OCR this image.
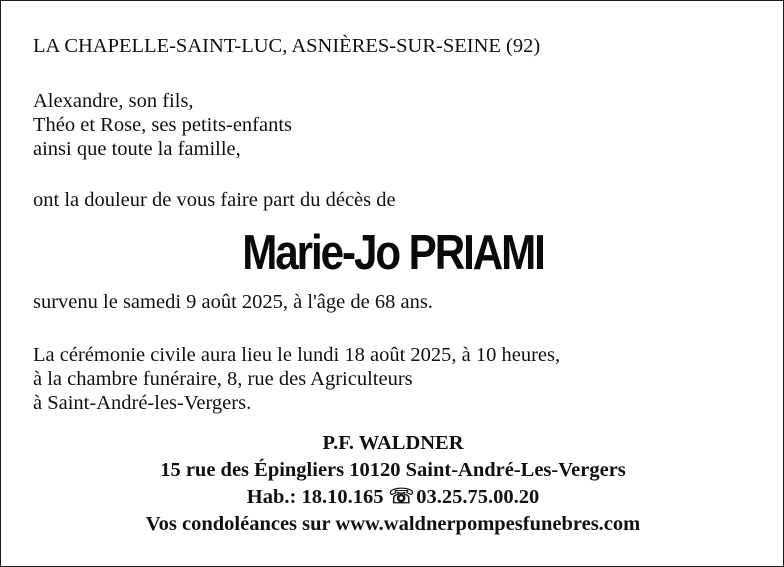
LA CHAPELLE-SAINT-LUC, ASNIÈRES-SUR-SEINE (92)
Alexandre, son fils,
Théo et Rose, ses petits-enfants
ainsi que toute la famille,
ont la douleur de vous faire part du décès de
Marie-Jo PRIAMI
survenu le samedi 9 août 2025, à l'âge de 68 ans.
La cérémonie civile aura lieu le lundi 18 août 2025, à 10 heures,
à la chambre funéraire, 8, rue des Agriculteurs
à Saint-André-les-Vergers.
P.F. WALDNER
15 rue des Épingliers 10120 Saint-André-Les-Vergers
Hab.: 18.10.165 ☏03.25.75.00.20
Vos condoléances sur www.waldnerpompesfunebres.com
